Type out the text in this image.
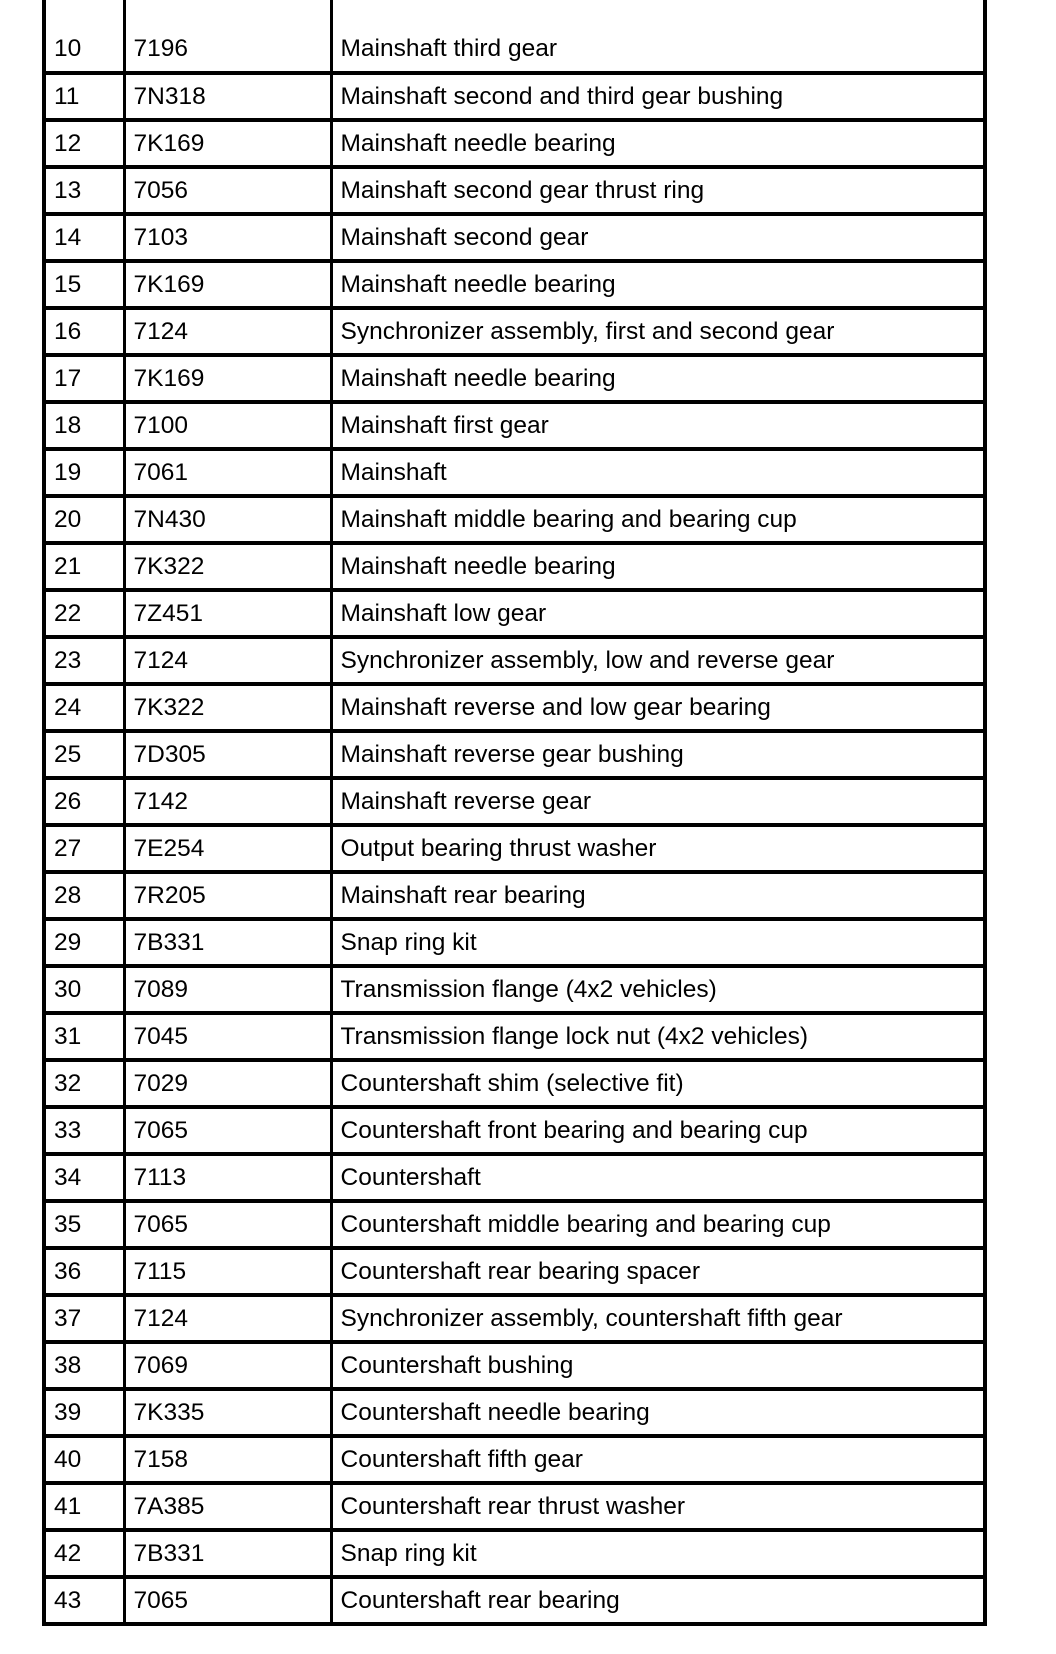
10	7196	Mainshaft third gear
11	7N318	Mainshaft second and third gear bushing
12	7K169	Mainshaft needle bearing
13	7056	Mainshaft second gear thrust ring
14	7103	Mainshaft second gear
15	7K169	Mainshaft needle bearing
16	7124	Synchronizer assembly, first and second gear
17	7K169	Mainshaft needle bearing
18	7100	Mainshaft first gear
19	7061	Mainshaft
20	7N430	Mainshaft middle bearing and bearing cup
21	7K322	Mainshaft needle bearing
22	7Z451	Mainshaft low gear
23	7124	Synchronizer assembly, low and reverse gear
24	7K322	Mainshaft reverse and low gear bearing
25	7D305	Mainshaft reverse gear bushing
26	7142	Mainshaft reverse gear
27	7E254	Output bearing thrust washer
28	7R205	Mainshaft rear bearing
29	7B331	Snap ring kit
30	7089	Transmission flange (4x2 vehicles)
31	7045	Transmission flange lock nut (4x2 vehicles)
32	7029	Countershaft shim (selective fit)
33	7065	Countershaft front bearing and bearing cup
34	7113	Countershaft
35	7065	Countershaft middle bearing and bearing cup
36	7115	Countershaft rear bearing spacer
37	7124	Synchronizer assembly, countershaft fifth gear
38	7069	Countershaft bushing
39	7K335	Countershaft needle bearing
40	7158	Countershaft fifth gear
41	7A385	Countershaft rear thrust washer
42	7B331	Snap ring kit
43	7065	Countershaft rear bearing
